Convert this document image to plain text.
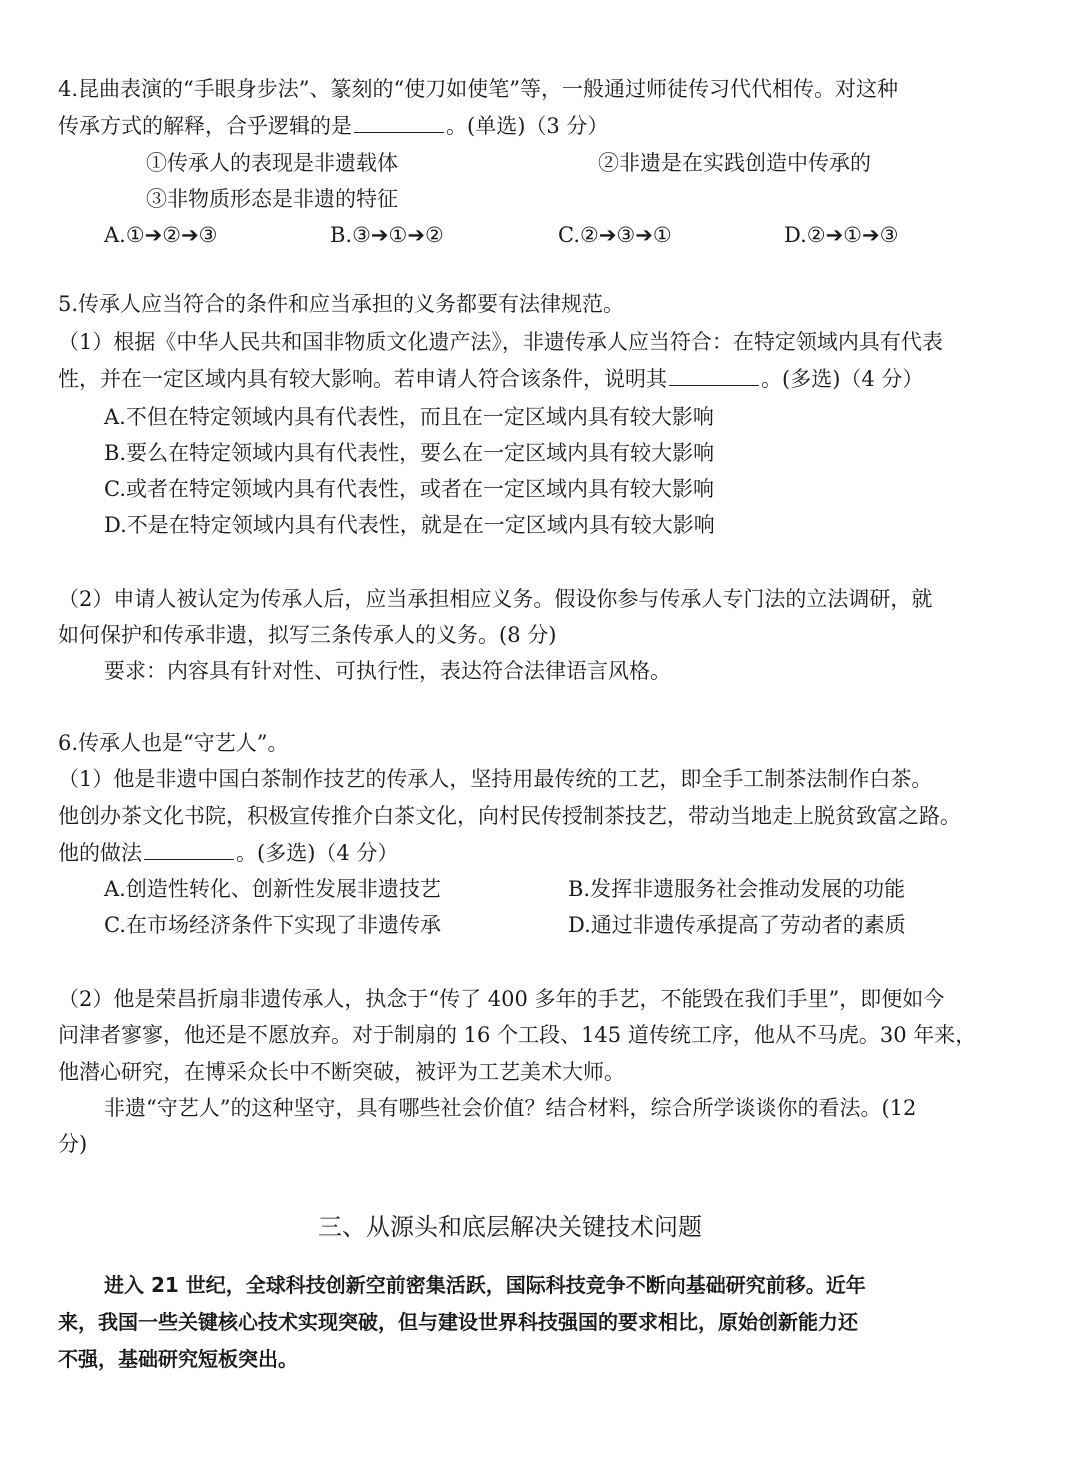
4.昆曲表演的“手眼身步法”、篆刻的“使刀如使笔”等，一般通过师徒传习代代相传。对这种
传承方式的解释，合乎逻辑的是	。(单选)（3 分）
①传承人的表现是非遗载体	②非遗是在实践创造中传承的
③非物质形态是非遗的特征
A.①➔②➔③	B.③➔①➔②	C.②➔③➔①	D.②➔①➔③
5.传承人应当符合的条件和应当承担的义务都要有法律规范。
（1）根据《中华人民共和国非物质文化遗产法》，非遗传承人应当符合：在特定领域内具有代表
性，并在一定区域内具有较大影响。若申请人符合该条件，说明其	。(多选)（4 分）
A.不但在特定领域内具有代表性，而且在一定区域内具有较大影响
B.要么在特定领域内具有代表性，要么在一定区域内具有较大影响
C.或者在特定领域内具有代表性，或者在一定区域内具有较大影响
D.不是在特定领域内具有代表性，就是在一定区域内具有较大影响
（2）申请人被认定为传承人后，应当承担相应义务。假设你参与传承人专门法的立法调研，就
如何保护和传承非遗，拟写三条传承人的义务。(8 分)
要求：内容具有针对性、可执行性，表达符合法律语言风格。
6.传承人也是“守艺人”。
（1）他是非遗中国白茶制作技艺的传承人，坚持用最传统的工艺，即全手工制茶法制作白茶。
他创办茶文化书院，积极宣传推介白茶文化，向村民传授制茶技艺，带动当地走上脱贫致富之路。
他的做法	。(多选)（4 分）
A.创造性转化、创新性发展非遗技艺	B.发挥非遗服务社会推动发展的功能
C.在市场经济条件下实现了非遗传承	D.通过非遗传承提高了劳动者的素质
（2）他是荣昌折扇非遗传承人，执念于“传了 400 多年的手艺，不能毁在我们手里”，即便如今
问津者寥寥，他还是不愿放弃。对于制扇的 16 个工段、145 道传统工序，他从不马虎。30 年来，
他潜心研究，在博采众长中不断突破，被评为工艺美术大师。
非遗“守艺人”的这种坚守，具有哪些社会价值？结合材料，综合所学谈谈你的看法。(12
分)
三、从源头和底层解决关键技术问题
进入 21 世纪，全球科技创新空前密集活跃，国际科技竞争不断向基础研究前移。近年
来，我国一些关键核心技术实现突破，但与建设世界科技强国的要求相比，原始创新能力还
不强，基础研究短板突出。
